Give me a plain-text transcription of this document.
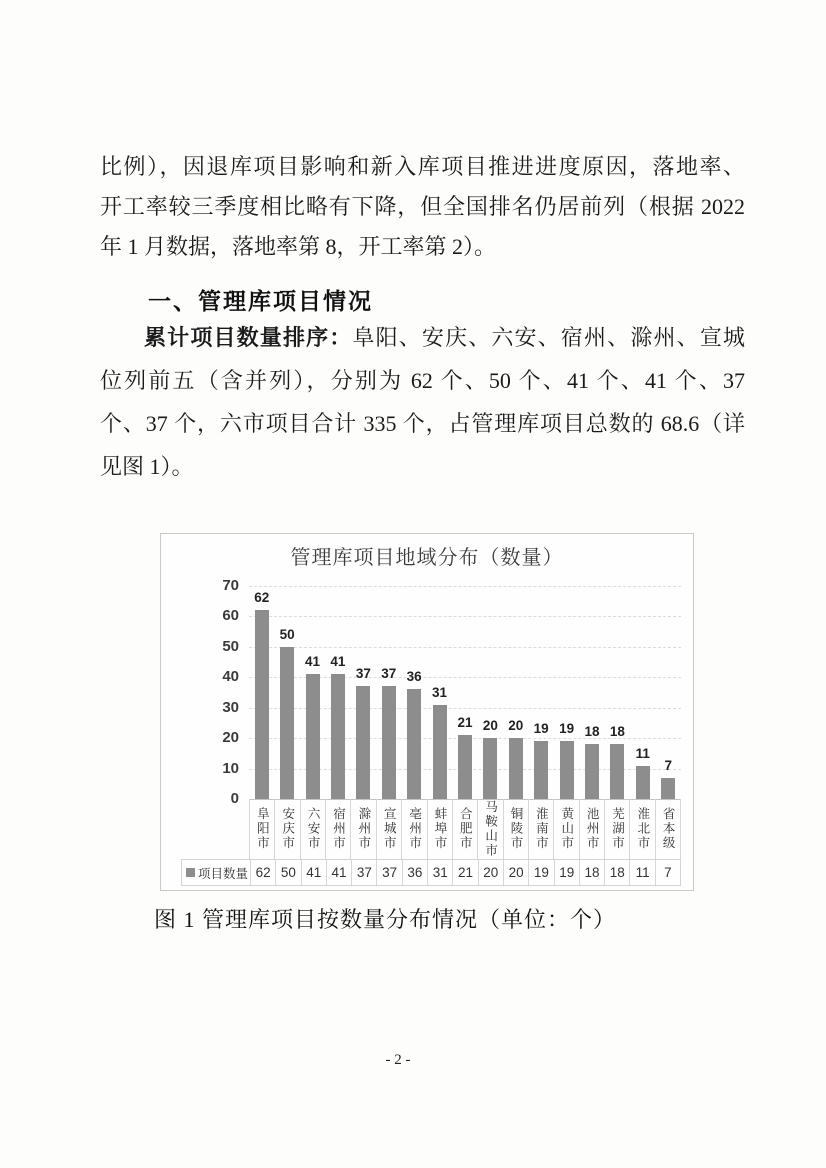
比例），因退库项目影响和新入库项目推进进度原因，落地率、
开工率较三季度相比略有下降，但全国排名仍居前列（根据 2022
年 1 月数据，落地率第 8，开工率第 2）。
一、管理库项目情况
累计项目数量排序：阜阳、安庆、六安、宿州、滁州、宣城
位列前五（含并列），分别为 62 个、50 个、41 个、41 个、37
个、37 个，六市项目合计 335 个，占管理库项目总数的 68.6（详
见图 1）。
管理库项目地域分布（数量）
62
50
41 41
37 37 36
31
21 20 20 19 19 18 18
11
7
阜阳市 安庆市 六安市 宿州市 滁州市 宣城市 亳州市 蚌埠市 合肥市 马鞍山市 铜陵市 淮南市 黄山市 池州市 芜湖市 淮北市 省本级
项目数量 62 50 41 41 37 37 36 31 21 20 20 19 19 18 18 11	7
0
10
20
30
40
50
60
70
图 1 管理库项目按数量分布情况（单位：个）
- 2 -
